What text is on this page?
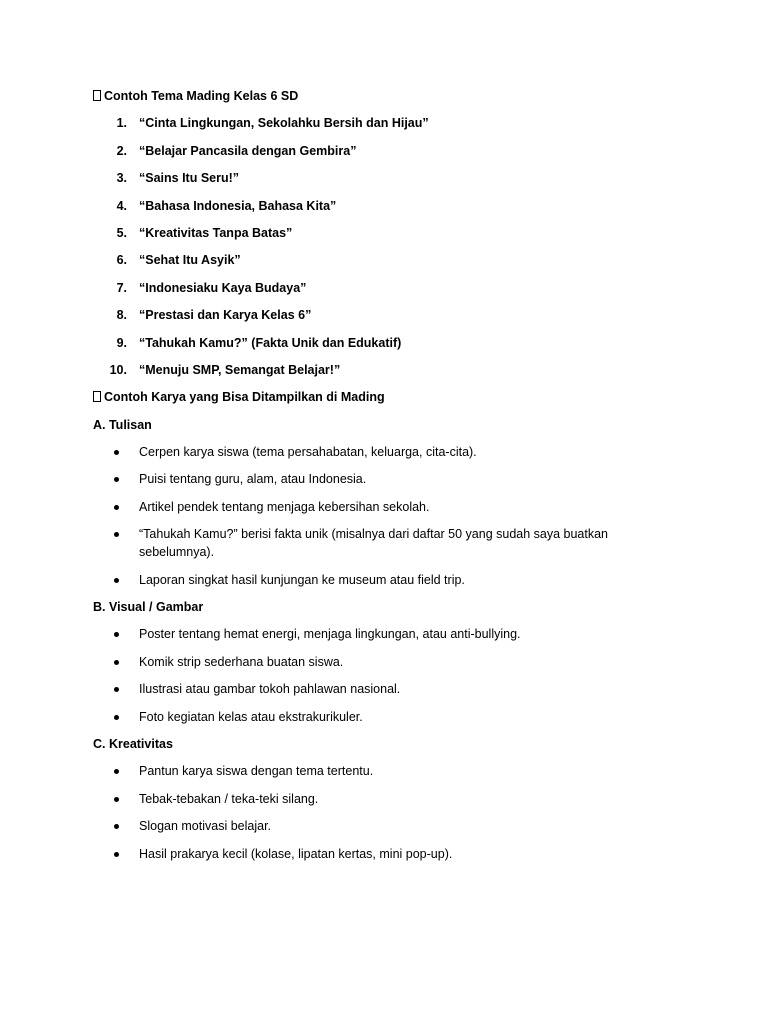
Contoh Tema Mading Kelas 6 SD
1. “Cinta Lingkungan, Sekolahku Bersih dan Hijau”
2. “Belajar Pancasila dengan Gembira”
3. “Sains Itu Seru!”
4. “Bahasa Indonesia, Bahasa Kita”
5. “Kreativitas Tanpa Batas”
6. “Sehat Itu Asyik”
7. “Indonesiaku Kaya Budaya”
8. “Prestasi dan Karya Kelas 6”
9. “Tahukah Kamu?” (Fakta Unik dan Edukatif)
10. “Menuju SMP, Semangat Belajar!”
Contoh Karya yang Bisa Ditampilkan di Mading
A. Tulisan
Cerpen karya siswa (tema persahabatan, keluarga, cita-cita).
Puisi tentang guru, alam, atau Indonesia.
Artikel pendek tentang menjaga kebersihan sekolah.
“Tahukah Kamu?” berisi fakta unik (misalnya dari daftar 50 yang sudah saya buatkan sebelumnya).
Laporan singkat hasil kunjungan ke museum atau field trip.
B. Visual / Gambar
Poster tentang hemat energi, menjaga lingkungan, atau anti-bullying.
Komik strip sederhana buatan siswa.
Ilustrasi atau gambar tokoh pahlawan nasional.
Foto kegiatan kelas atau ekstrakurikuler.
C. Kreativitas
Pantun karya siswa dengan tema tertentu.
Tebak-tebakan / teka-teki silang.
Slogan motivasi belajar.
Hasil prakarya kecil (kolase, lipatan kertas, mini pop-up).
